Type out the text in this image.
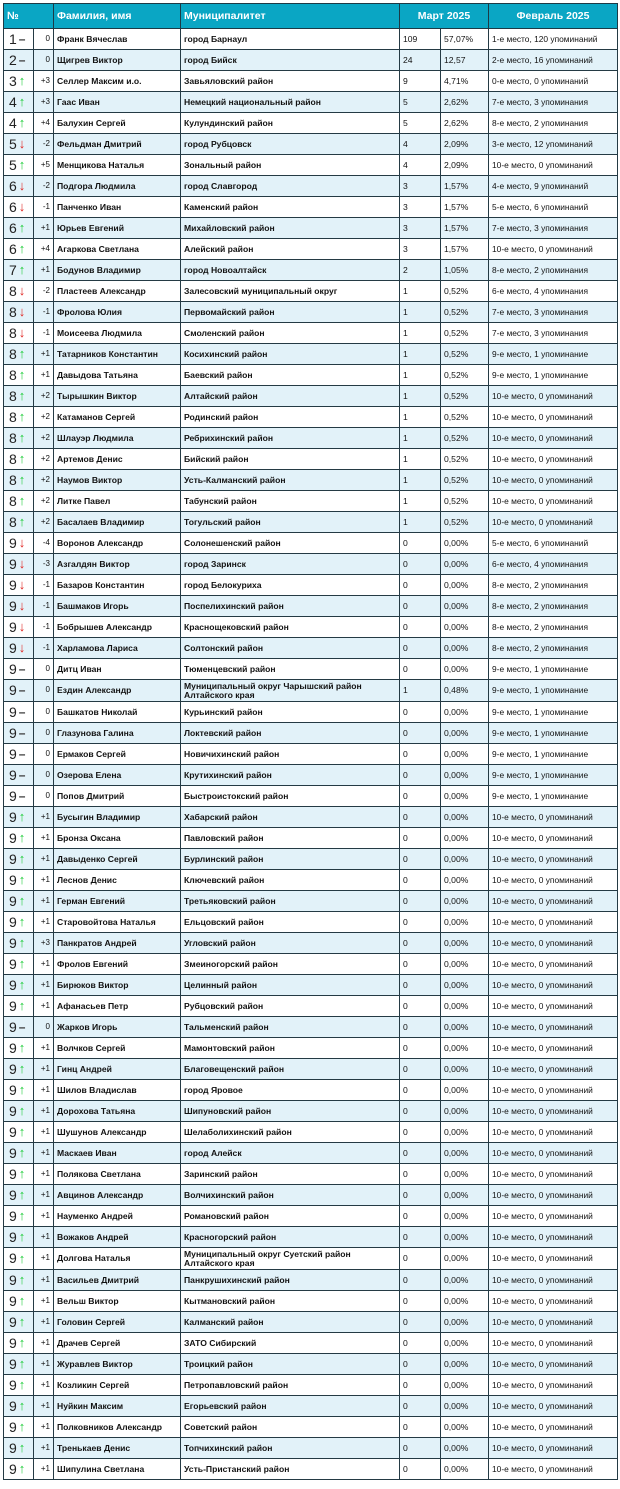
№		Фамилия, имя	Муниципалитет	Март 2025		Февраль 2025
1 –	0	Франк Вячеслав	город Барнаул	109	57,07%	1-е место, 120 упоминаний
2 –	0	Щигрев Виктор	город Бийск	24	12,57	2-е место, 16 упоминаний
3 ↑	+3	Селлер Максим и.о.	Завьяловский район	9	4,71%	0-е место, 0 упоминаний
4 ↑	+3	Гаас Иван	Немецкий национальный район	5	2,62%	7-е место, 3 упоминания
4 ↑	+4	Балухин Сергей	Кулундинский район	5	2,62%	8-е место, 2 упоминания
5 ↓	-2	Фельдман Дмитрий	город Рубцовск	4	2,09%	3-е место, 12 упоминаний
5 ↑	+5	Менщикова Наталья	Зональный район	4	2,09%	10-е место, 0 упоминаний
6 ↓	-2	Подгора Людмила	город Славгород	3	1,57%	4-е место, 9 упоминаний
6 ↓	-1	Панченко Иван	Каменский район	3	1,57%	5-е место, 6 упоминаний
6 ↑	+1	Юрьев Евгений	Михайловский район	3	1,57%	7-е место, 3 упоминания
6 ↑	+4	Агаркова Светлана	Алейский район	3	1,57%	10-е место, 0 упоминаний
7 ↑	+1	Бодунов Владимир	город Новоалтайск	2	1,05%	8-е место, 2 упоминания
8 ↓	-2	Пластеев Александр	Залесовский муниципальный округ	1	0,52%	6-е место, 4 упоминания
8 ↓	-1	Фролова Юлия	Первомайский район	1	0,52%	7-е место, 3 упоминания
8 ↓	-1	Моисеева Людмила	Смоленский район	1	0,52%	7-е место, 3 упоминания
8 ↑	+1	Татарников Константин	Косихинский район	1	0,52%	9-е место, 1 упоминание
8 ↑	+1	Давыдова Татьяна	Баевский район	1	0,52%	9-е место, 1 упоминание
8 ↑	+2	Тырышкин Виктор	Алтайский район	1	0,52%	10-е место, 0 упоминаний
8 ↑	+2	Катаманов Сергей	Родинский район	1	0,52%	10-е место, 0 упоминаний
8 ↑	+2	Шлауэр Людмила	Ребрихинский район	1	0,52%	10-е место, 0 упоминаний
8 ↑	+2	Артемов Денис	Бийский район	1	0,52%	10-е место, 0 упоминаний
8 ↑	+2	Наумов Виктор	Усть-Калманский район	1	0,52%	10-е место, 0 упоминаний
8 ↑	+2	Литке Павел	Табунский район	1	0,52%	10-е место, 0 упоминаний
8 ↑	+2	Басалаев Владимир	Тогульский район	1	0,52%	10-е место, 0 упоминаний
9 ↓	-4	Воронов Александр	Солонешенский район	0	0,00%	5-е место, 6 упоминаний
9 ↓	-3	Азгалдян Виктор	город Заринск	0	0,00%	6-е место, 4 упоминания
9 ↓	-1	Базаров Константин	город Белокуриха	0	0,00%	8-е место, 2 упоминания
9 ↓	-1	Башмаков Игорь	Поспелихинский район	0	0,00%	8-е место, 2 упоминания
9 ↓	-1	Бобрышев Александр	Краснощековский район	0	0,00%	8-е место, 2 упоминания
9 ↓	-1	Харламова Лариса	Солтонский район	0	0,00%	8-е место, 2 упоминания
9 –	0	Дитц Иван	Тюменцевский район	0	0,00%	9-е место, 1 упоминание
9 –	0	Ездин Александр	Муниципальный округ Чарышский район Алтайского края	1	0,48%	9-е место, 1 упоминание
9 –	0	Башкатов Николай	Курьинский район	0	0,00%	9-е место, 1 упоминание
9 –	0	Глазунова Галина	Локтевский район	0	0,00%	9-е место, 1 упоминание
9 –	0	Ермаков Сергей	Новичихинский район	0	0,00%	9-е место, 1 упоминание
9 –	0	Озерова Елена	Крутихинский район	0	0,00%	9-е место, 1 упоминание
9 –	0	Попов Дмитрий	Быстроистокский район	0	0,00%	9-е место, 1 упоминание
9 ↑	+1	Бусыгин Владимир	Хабарский район	0	0,00%	10-е место, 0 упоминаний
9 ↑	+1	Бронза Оксана	Павловский район	0	0,00%	10-е место, 0 упоминаний
9 ↑	+1	Давыденко Сергей	Бурлинский район	0	0,00%	10-е место, 0 упоминаний
9 ↑	+1	Леснов Денис	Ключевский район	0	0,00%	10-е место, 0 упоминаний
9 ↑	+1	Герман Евгений	Третьяковский район	0	0,00%	10-е место, 0 упоминаний
9 ↑	+1	Старовойтова Наталья	Ельцовский район	0	0,00%	10-е место, 0 упоминаний
9 ↑	+3	Панкратов Андрей	Угловский район	0	0,00%	10-е место, 0 упоминаний
9 ↑	+1	Фролов Евгений	Змеиногорский район	0	0,00%	10-е место, 0 упоминаний
9 ↑	+1	Бирюков Виктор	Целинный район	0	0,00%	10-е место, 0 упоминаний
9 ↑	+1	Афанасьев Петр	Рубцовский район	0	0,00%	10-е место, 0 упоминаний
9 –	0	Жарков Игорь	Тальменский район	0	0,00%	10-е место, 0 упоминаний
9 ↑	+1	Волчков Сергей	Мамонтовский район	0	0,00%	10-е место, 0 упоминаний
9 ↑	+1	Гинц Андрей	Благовещенский район	0	0,00%	10-е место, 0 упоминаний
9 ↑	+1	Шилов Владислав	город Яровое	0	0,00%	10-е место, 0 упоминаний
9 ↑	+1	Дорохова Татьяна	Шипуновский район	0	0,00%	10-е место, 0 упоминаний
9 ↑	+1	Шушунов Александр	Шелаболихинский район	0	0,00%	10-е место, 0 упоминаний
9 ↑	+1	Маскаев Иван	город Алейск	0	0,00%	10-е место, 0 упоминаний
9 ↑	+1	Полякова Светлана	Заринский район	0	0,00%	10-е место, 0 упоминаний
9 ↑	+1	Авцинов Александр	Волчихинский район	0	0,00%	10-е место, 0 упоминаний
9 ↑	+1	Науменко Андрей	Романовский район	0	0,00%	10-е место, 0 упоминаний
9 ↑	+1	Вожаков Андрей	Красногорский район	0	0,00%	10-е место, 0 упоминаний
9 ↑	+1	Долгова Наталья	Муниципальный округ Суетский район Алтайского края	0	0,00%	10-е место, 0 упоминаний
9 ↑	+1	Васильев Дмитрий	Панкрушихинский район	0	0,00%	10-е место, 0 упоминаний
9 ↑	+1	Вельш Виктор	Кытмановский район	0	0,00%	10-е место, 0 упоминаний
9 ↑	+1	Головин Сергей	Калманский район	0	0,00%	10-е место, 0 упоминаний
9 ↑	+1	Драчев Сергей	ЗАТО Сибирский	0	0,00%	10-е место, 0 упоминаний
9 ↑	+1	Журавлев Виктор	Троицкий район	0	0,00%	10-е место, 0 упоминаний
9 ↑	+1	Козликин Сергей	Петропавловский район	0	0,00%	10-е место, 0 упоминаний
9 ↑	+1	Нуйкин Максим	Егорьевский район	0	0,00%	10-е место, 0 упоминаний
9 ↑	+1	Полковников Александр	Советский район	0	0,00%	10-е место, 0 упоминаний
9 ↑	+1	Тренькаев Денис	Топчихинский район	0	0,00%	10-е место, 0 упоминаний
9 ↑	+1	Шипулина Светлана	Усть-Пристанский район	0	0,00%	10-е место, 0 упоминаний
